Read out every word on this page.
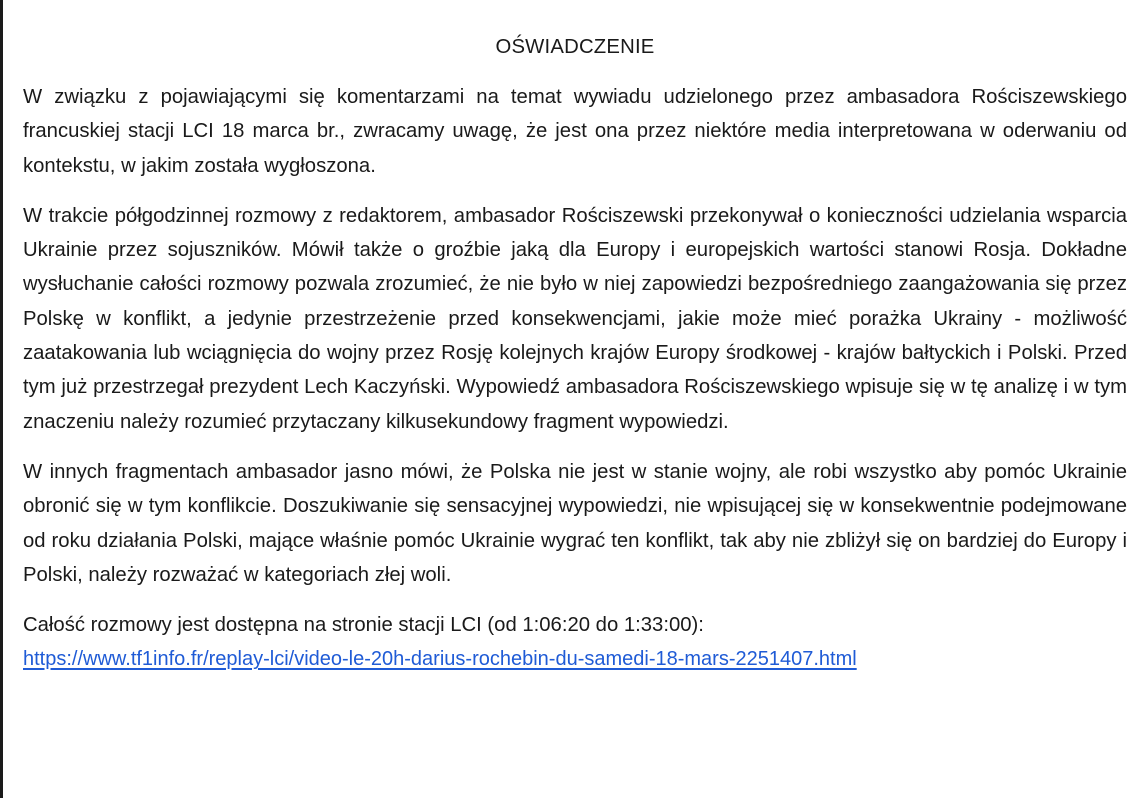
OŚWIADCZENIE

W związku z pojawiającymi się komentarzami na temat wywiadu udzielonego przez ambasadora Rościszewskiego francuskiej stacji LCI 18 marca br., zwracamy uwagę, że jest ona przez niektóre media interpretowana w oderwaniu od kontekstu, w jakim została wygłoszona.

W trakcie półgodzinnej rozmowy z redaktorem, ambasador Rościszewski przekonywał o konieczności udzielania wsparcia Ukrainie przez sojuszników. Mówił także o groźbie jaką dla Europy i europejskich wartości stanowi Rosja. Dokładne wysłuchanie całości rozmowy pozwala zrozumieć, że nie było w niej zapowiedzi bezpośredniego zaangażowania się przez Polskę w konflikt, a jedynie przestrzeżenie przed konsekwencjami, jakie może mieć porażka Ukrainy - możliwość zaatakowania lub wciągnięcia do wojny przez Rosję kolejnych krajów Europy środkowej - krajów bałtyckich i Polski. Przed tym już przestrzegał prezydent Lech Kaczyński. Wypowiedź ambasadora Rościszewskiego wpisuje się w tę analizę i w tym znaczeniu należy rozumieć przytaczany kilkusekundowy fragment wypowiedzi.

W innych fragmentach ambasador jasno mówi, że Polska nie jest w stanie wojny, ale robi wszystko aby pomóc Ukrainie obronić się w tym konflikcie. Doszukiwanie się sensacyjnej wypowiedzi, nie wpisującej się w konsekwentnie podejmowane od roku działania Polski, mające właśnie pomóc Ukrainie wygrać ten konflikt, tak aby nie zbliżył się on bardziej do Europy i Polski, należy rozważać w kategoriach złej woli.

Całość rozmowy jest dostępna na stronie stacji LCI (od 1:06:20 do 1:33:00):

https://www.tf1info.fr/replay-lci/video-le-20h-darius-rochebin-du-samedi-18-mars-2251407.html
